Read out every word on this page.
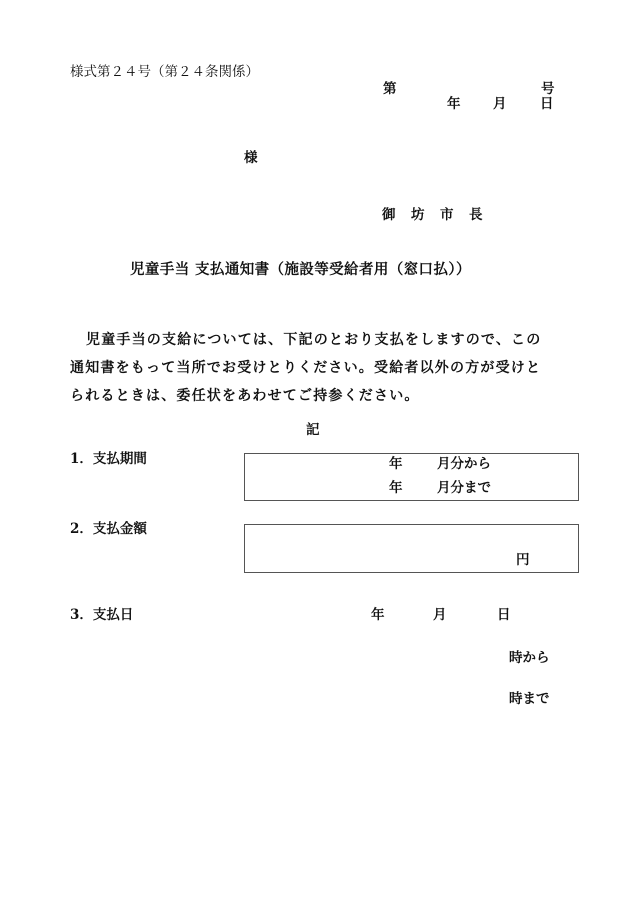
様式第２４号（第２４条関係）
第	号
年 月 日
様
御　坊　市　長
児童手当 支払通知書（施設等受給者用（窓口払））
児童手当の支給については、下記のとおり支払をしますので、この
通知書をもって当所でお受けとりください。受給者以外の方が受けと
られるときは、委任状をあわせてご持参ください。
記
1．支払期間	年	月分から
年	月分まで
2．支払金額
円
3．支払日	年	月	日
時から
時まで
